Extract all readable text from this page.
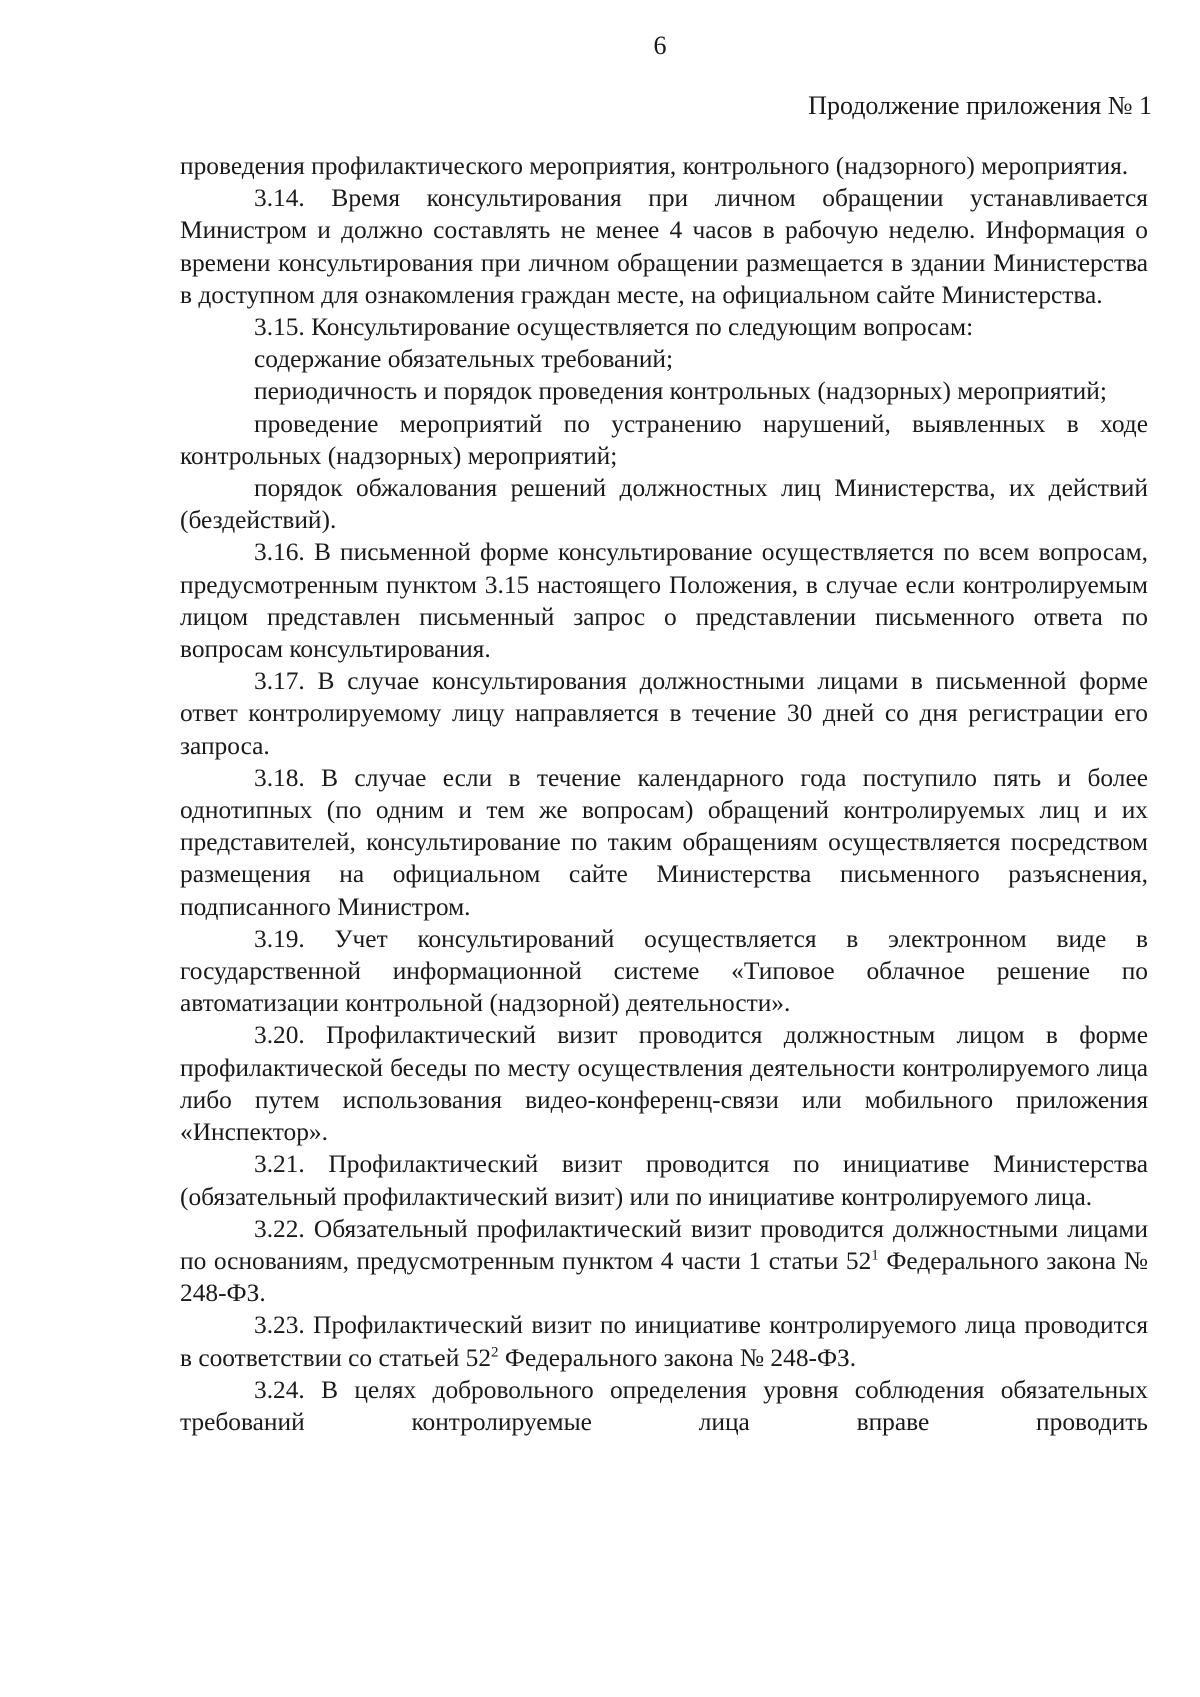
6
Продолжение приложения № 1

проведения профилактического мероприятия, контрольного (надзорного) мероприятия.

3.14. Время консультирования при личном обращении устанавливается Министром и должно составлять не менее 4 часов в рабочую неделю. Информация о времени консультирования при личном обращении размещается в здании Министерства в доступном для ознакомления граждан месте, на официальном сайте Министерства.

3.15. Консультирование осуществляется по следующим вопросам:

содержание обязательных требований;

периодичность и порядок проведения контрольных (надзорных) мероприятий;

проведение мероприятий по устранению нарушений, выявленных в ходе контрольных (надзорных) мероприятий;

порядок обжалования решений должностных лиц Министерства, их действий (бездействий).

3.16. В письменной форме консультирование осуществляется по всем вопросам, предусмотренным пунктом 3.15 настоящего Положения, в случае если контролируемым лицом представлен письменный запрос о представлении письменного ответа по вопросам консультирования.

3.17. В случае консультирования должностными лицами в письменной форме ответ контролируемому лицу направляется в течение 30 дней со дня регистрации его запроса.

3.18. В случае если в течение календарного года поступило пять и более однотипных (по одним и тем же вопросам) обращений контролируемых лиц и их представителей, консультирование по таким обращениям осуществляется посредством размещения на официальном сайте Министерства письменного разъяснения, подписанного Министром.

3.19. Учет консультирований осуществляется в электронном виде в государственной информационной системе «Типовое облачное решение по автоматизации контрольной (надзорной) деятельности».

3.20. Профилактический визит проводится должностным лицом в форме профилактической беседы по месту осуществления деятельности контролируемого лица либо путем использования видео-конференц-связи или мобильного приложения «Инспектор».

3.21. Профилактический визит проводится по инициативе Министерства (обязательный профилактический визит) или по инициативе контролируемого лица.

3.22. Обязательный профилактический визит проводится должностными лицами по основаниям, предусмотренным пунктом 4 части 1 статьи $52^1$ Федерального закона № 248-ФЗ.

3.23. Профилактический визит по инициативе контролируемого лица проводится в соответствии со статьей $52^2$ Федерального закона № 248-ФЗ.

3.24. В целях добровольного определения уровня соблюдения обязательных требований контролируемые лица вправе проводить
